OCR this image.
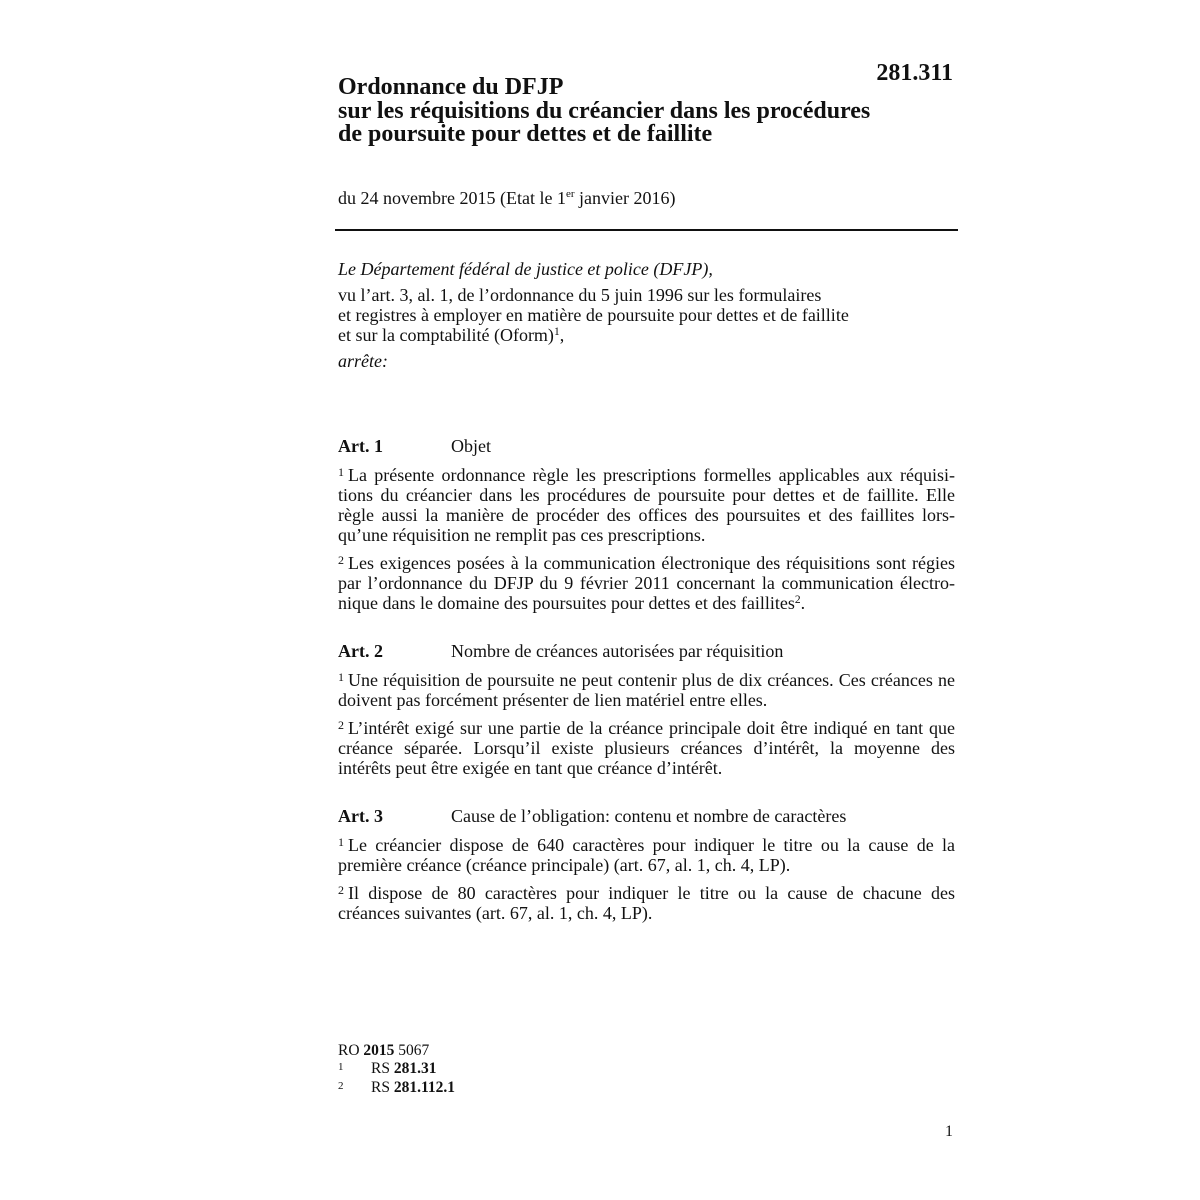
281.311
Ordonnance du DFJP
sur les réquisitions du créancier dans les procédures
de poursuite pour dettes et de faillite
du 24 novembre 2015 (Etat le 1er janvier 2016)
Le Département fédéral de justice et police (DFJP),
vu l’art. 3, al. 1, de l’ordonnance du 5 juin 1996 sur les formulaires
et registres à employer en matière de poursuite pour dettes et de faillite
et sur la comptabilité (Oform)$^1$,
arrête:
Art. 1	Objet
$^1$ La présente ordonnance règle les prescriptions formelles applicables aux réquisi-
tions du créancier dans les procédures de poursuite pour dettes et de faillite. Elle
règle aussi la manière de procéder des offices des poursuites et des faillites lors-
qu’une réquisition ne remplit pas ces prescriptions.
$^2$ Les exigences posées à la communication électronique des réquisitions sont régies
par l’ordonnance du DFJP du 9 février 2011 concernant la communication électro-
nique dans le domaine des poursuites pour dettes et des faillites$^2$.
Art. 2	Nombre de créances autorisées par réquisition
$^1$ Une réquisition de poursuite ne peut contenir plus de dix créances. Ces créances ne
doivent pas forcément présenter de lien matériel entre elles.
$^2$ L’intérêt exigé sur une partie de la créance principale doit être indiqué en tant que
créance séparée. Lorsqu’il existe plusieurs créances d’intérêt, la moyenne des
intérêts peut être exigée en tant que créance d’intérêt.
Art. 3	Cause de l’obligation: contenu et nombre de caractères
$^1$ Le créancier dispose de 640 caractères pour indiquer le titre ou la cause de la
première créance (créance principale) (art. 67, al. 1, ch. 4, LP).
$^2$ Il dispose de 80 caractères pour indiquer le titre ou la cause de chacune des
créances suivantes (art. 67, al. 1, ch. 4, LP).
RO 2015 5067
1 RS 281.31
2 RS 281.112.1
1
